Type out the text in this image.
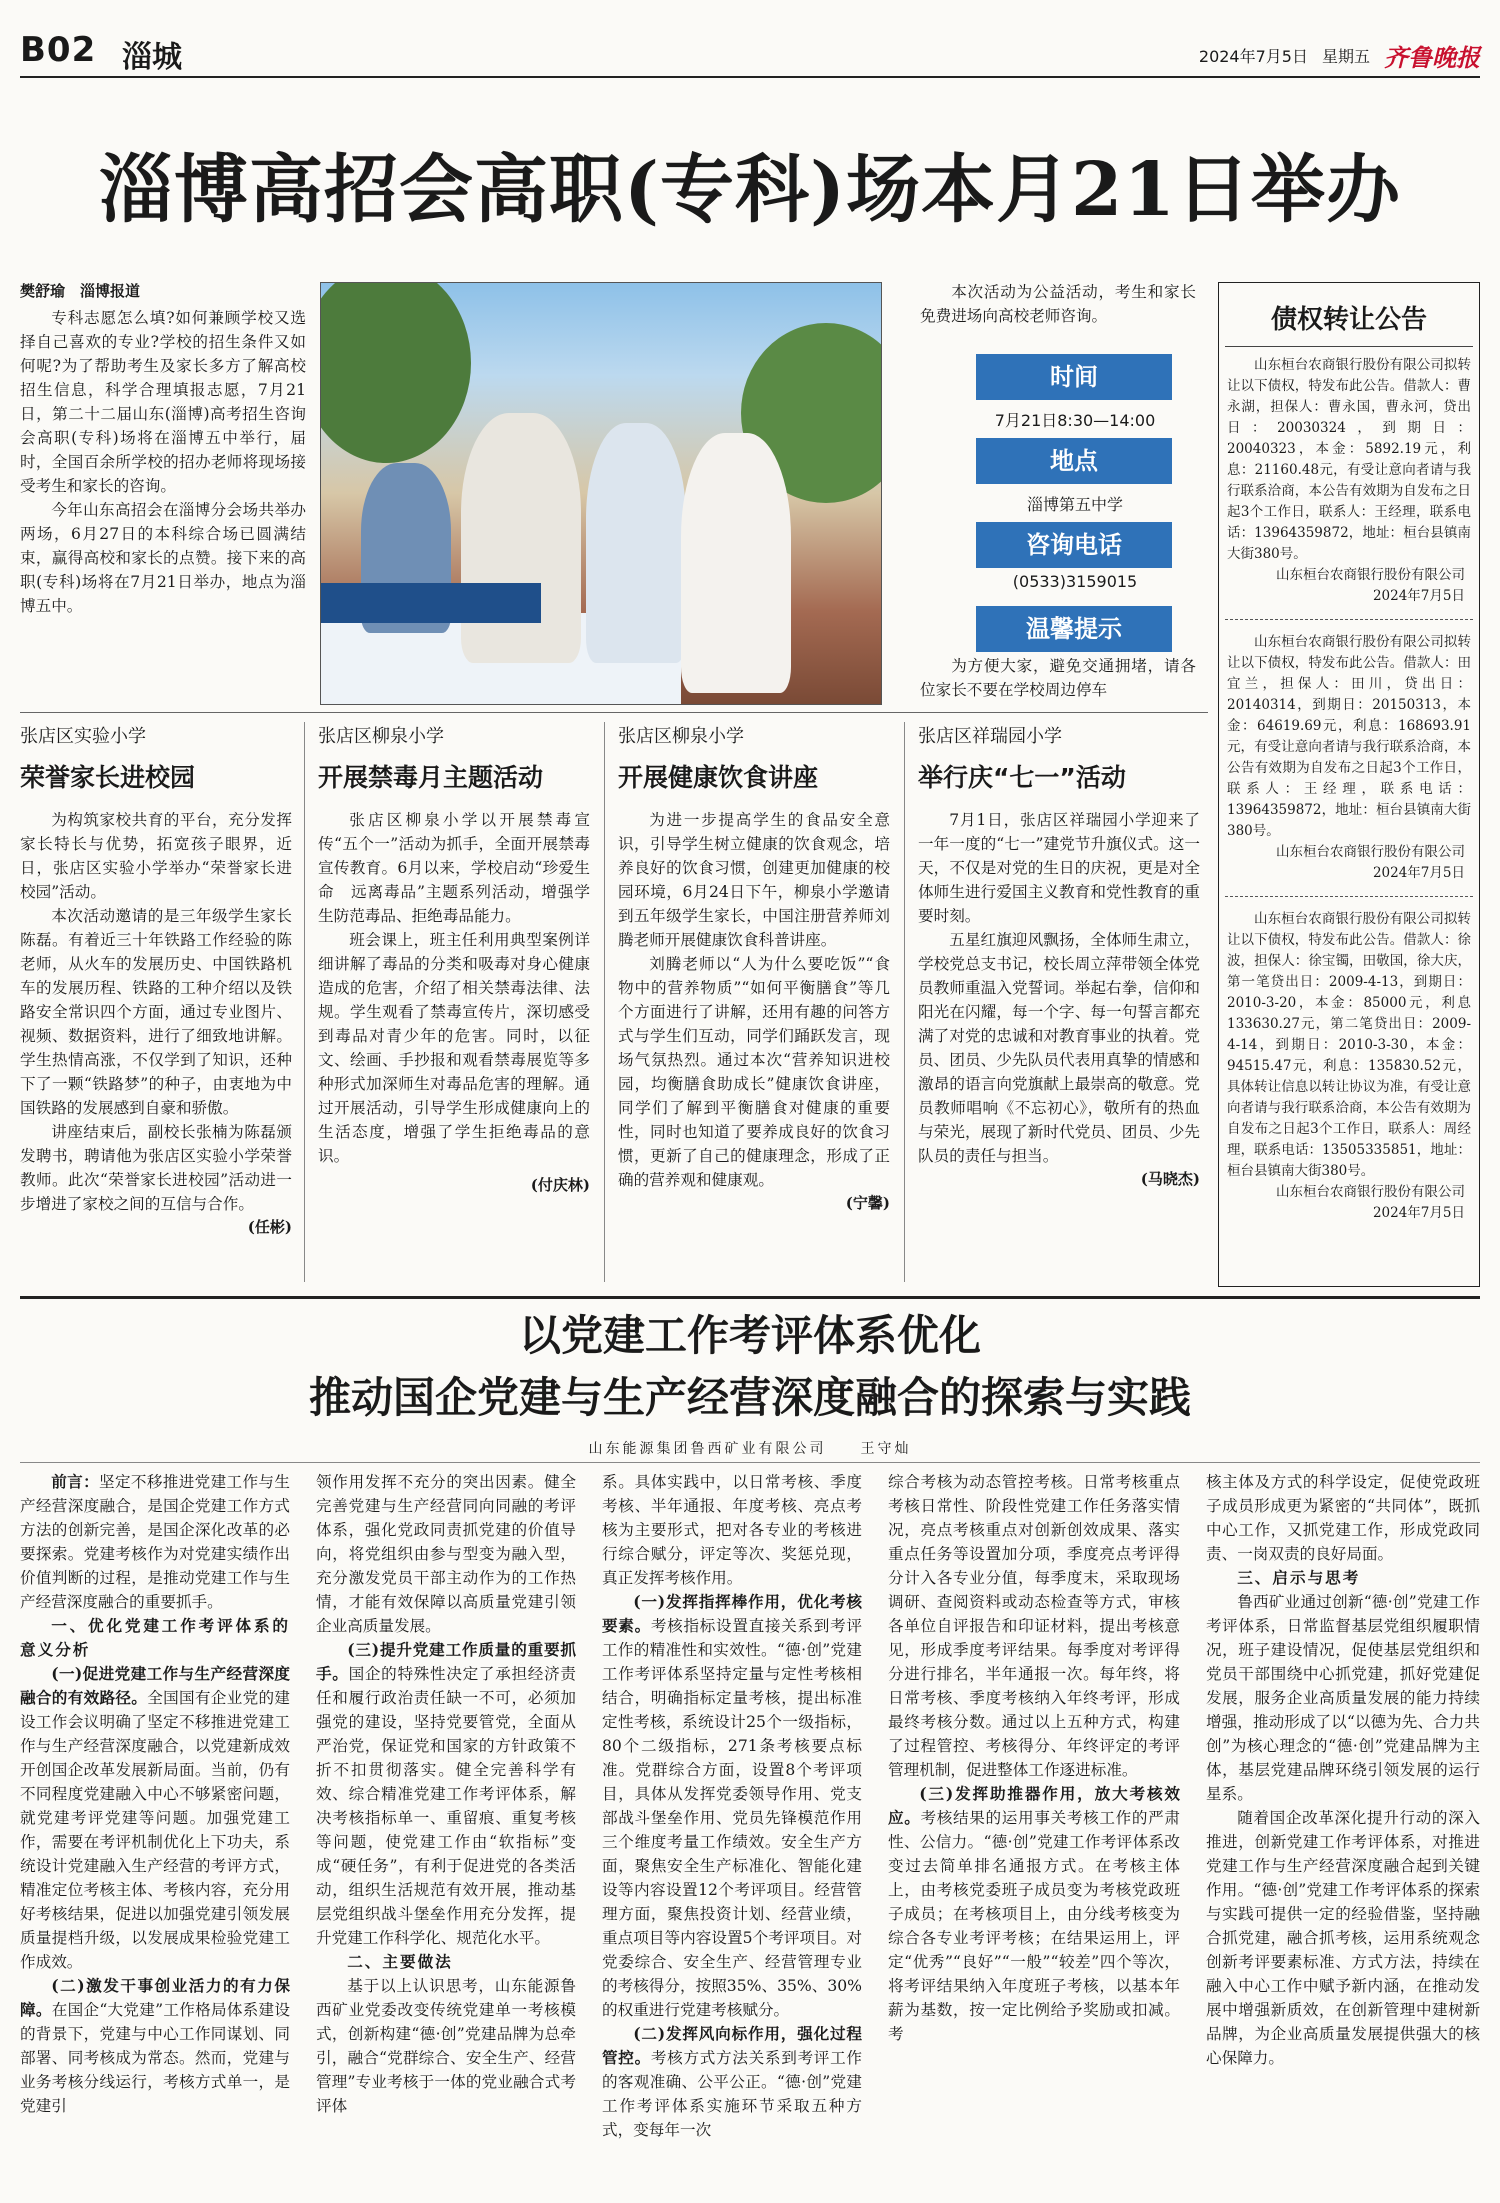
B02 淄城	2024年7月5日 星期五 齐鲁晚报
淄博高招会高职(专科)场本月21日举办
樊舒瑜　淄博报道

专科志愿怎么填?如何兼顾学校又选择自己喜欢的专业?学校的招生条件又如何呢?为了帮助考生及家长多方了解高校招生信息，科学合理填报志愿，7月21日，第二十二届山东(淄博)高考招生咨询会高职(专科)场将在淄博五中举行，届时，全国百余所学校的招办老师将现场接受考生和家长的咨询。

今年山东高招会在淄博分会场共举办两场，6月27日的本科综合场已圆满结束，赢得高校和家长的点赞。接下来的高职(专科)场将在7月21日举办，地点为淄博五中。

本次活动为公益活动，考生和家长免费进场向高校老师咨询。

时间
7月21日8:30—14:00
地点
淄博第五中学
咨询电话
(0533)3159015
温馨提示

为方便大家，避免交通拥堵，请各位家长不要在学校周边停车

债权转让公告
山东桓台农商银行股份有限公司拟转让以下债权，特发布此公告。借款人：曹永湖，担保人：曹永国，曹永河，贷出日：20030324，到期日：20040323，本金：5892.19元，利息：21160.48元，有受让意向者请与我行联系洽商，本公告有效期为自发布之日起3个工作日，联系人：王经理，联系电话：13964359872，地址：桓台县镇南大街380号。
山东桓台农商银行股份有限公司
2024年7月5日
山东桓台农商银行股份有限公司拟转让以下债权，特发布此公告。借款人：田宜兰，担保人：田川，贷出日：20140314，到期日：20150313，本金：64619.69元，利息：168693.91元，有受让意向者请与我行联系洽商，本公告有效期为自发布之日起3个工作日，联系人：王经理，联系电话：13964359872，地址：桓台县镇南大街380号。
山东桓台农商银行股份有限公司
2024年7月5日
山东桓台农商银行股份有限公司拟转让以下债权，特发布此公告。借款人：徐波，担保人：徐宝镯，田敬国，徐大庆，第一笔贷出日：2009-4-13，到期日：2010-3-20，本金：85000元，利息133630.27元，第二笔贷出日：2009-4-14，到期日：2010-3-30，本金：94515.47元，利息：135830.52元，具体转让信息以转让协议为准，有受让意向者请与我行联系洽商，本公告有效期为自发布之日起3个工作日，联系人：周经理，联系电话：13505335851，地址：桓台县镇南大街380号。
山东桓台农商银行股份有限公司
2024年7月5日
张店区实验小学
荣誉家长进校园

为构筑家校共育的平台，充分发挥家长特长与优势，拓宽孩子眼界，近日，张店区实验小学举办“荣誉家长进校园”活动。

本次活动邀请的是三年级学生家长陈磊。有着近三十年铁路工作经验的陈老师，从火车的发展历史、中国铁路机车的发展历程、铁路的工种介绍以及铁路安全常识四个方面，通过专业图片、视频、数据资料，进行了细致地讲解。学生热情高涨，不仅学到了知识，还种下了一颗“铁路梦”的种子，由衷地为中国铁路的发展感到自豪和骄傲。

讲座结束后，副校长张楠为陈磊颁发聘书，聘请他为张店区实验小学荣誉教师。此次“荣誉家长进校园”活动进一步增进了家校之间的互信与合作。

(任彬)
张店区柳泉小学
开展禁毒月主题活动

张店区柳泉小学以开展禁毒宣传“五个一”活动为抓手，全面开展禁毒宣传教育。6月以来，学校启动“珍爱生命　远离毒品”主题系列活动，增强学生防范毒品、拒绝毒品能力。

班会课上，班主任利用典型案例详细讲解了毒品的分类和吸毒对身心健康造成的危害，介绍了相关禁毒法律、法规。学生观看了禁毒宣传片，深切感受到毒品对青少年的危害。同时，以征文、绘画、手抄报和观看禁毒展览等多种形式加深师生对毒品危害的理解。通过开展活动，引导学生形成健康向上的生活态度，增强了学生拒绝毒品的意识。

(付庆林)
张店区柳泉小学
开展健康饮食讲座

为进一步提高学生的食品安全意识，引导学生树立健康的饮食观念，培养良好的饮食习惯，创建更加健康的校园环境，6月24日下午，柳泉小学邀请到五年级学生家长，中国注册营养师刘腾老师开展健康饮食科普讲座。

刘腾老师以“人为什么要吃饭”“食物中的营养物质”“如何平衡膳食”等几个方面进行了讲解，还用有趣的问答方式与学生们互动，同学们踊跃发言，现场气氛热烈。通过本次“营养知识进校园，均衡膳食助成长”健康饮食讲座，同学们了解到平衡膳食对健康的重要性，同时也知道了要养成良好的饮食习惯，更新了自己的健康理念，形成了正确的营养观和健康观。

(宁馨)
张店区祥瑞园小学
举行庆“七一”活动

7月1日，张店区祥瑞园小学迎来了一年一度的“七一”建党节升旗仪式。这一天，不仅是对党的生日的庆祝，更是对全体师生进行爱国主义教育和党性教育的重要时刻。

五星红旗迎风飘扬，全体师生肃立，学校党总支书记，校长周立萍带领全体党员教师重温入党誓词。举起右拳，信仰和阳光在闪耀，每一个字、每一句誓言都充满了对党的忠诚和对教育事业的执着。党员、团员、少先队员代表用真挚的情感和激昂的语言向党旗献上最崇高的敬意。党员教师唱响《不忘初心》，敬所有的热血与荣光，展现了新时代党员、团员、少先队员的责任与担当。

(马晓杰)
以党建工作考评体系优化
推动国企党建与生产经营深度融合的探索与实践
山东能源集团鲁西矿业有限公司　　王守灿

前言：坚定不移推进党建工作与生产经营深度融合，是国企党建工作方式方法的创新完善，是国企深化改革的必要探索。党建考核作为对党建实绩作出价值判断的过程，是推动党建工作与生产经营深度融合的重要抓手。

一、优化党建工作考评体系的意义分析

(一)促进党建工作与生产经营深度融合的有效路径。全国国有企业党的建设工作会议明确了坚定不移推进党建工作与生产经营深度融合，以党建新成效开创国企改革发展新局面。当前，仍有不同程度党建融入中心不够紧密问题，就党建考评党建等问题。加强党建工作，需要在考评机制优化上下功夫，系统设计党建融入生产经营的考评方式，精准定位考核主体、考核内容，充分用好考核结果，促进以加强党建引领发展质量提档升级，以发展成果检验党建工作成效。

(二)激发干事创业活力的有力保障。在国企“大党建”工作格局体系建设的背景下，党建与中心工作同谋划、同部署、同考核成为常态。然而，党建与业务考核分线运行，考核方式单一，是党建引

领作用发挥不充分的突出因素。健全完善党建与生产经营同向同融的考评体系，强化党政同责抓党建的价值导向，将党组织由参与型变为融入型，充分激发党员干部主动作为的工作热情，才能有效保障以高质量党建引领企业高质量发展。

(三)提升党建工作质量的重要抓手。国企的特殊性决定了承担经济责任和履行政治责任缺一不可，必须加强党的建设，坚持党要管党，全面从严治党，保证党和国家的方针政策不折不扣贯彻落实。健全完善科学有效、综合精准党建工作考评体系，解决考核指标单一、重留痕、重复考核等问题，使党建工作由“软指标”变成“硬任务”，有利于促进党的各类活动，组织生活规范有效开展，推动基层党组织战斗堡垒作用充分发挥，提升党建工作科学化、规范化水平。

二、主要做法

基于以上认识思考，山东能源鲁西矿业党委改变传统党建单一考核模式，创新构建“德·创”党建品牌为总牵引，融合“党群综合、安全生产、经营管理”专业考核于一体的党业融合式考评体

系。具体实践中，以日常考核、季度考核、半年通报、年度考核、亮点考核为主要形式，把对各专业的考核进行综合赋分，评定等次、奖惩兑现，真正发挥考核作用。

(一)发挥指挥棒作用，优化考核要素。考核指标设置直接关系到考评工作的精准性和实效性。“德·创”党建工作考评体系坚持定量与定性考核相结合，明确指标定量考核，提出标准定性考核，系统设计25个一级指标，80个二级指标，271条考核要点标准。党群综合方面，设置8个考评项目，具体从发挥党委领导作用、党支部战斗堡垒作用、党员先锋模范作用三个维度考量工作绩效。安全生产方面，聚焦安全生产标准化、智能化建设等内容设置12个考评项目。经营管理方面，聚焦投资计划、经营业绩，重点项目等内容设置5个考评项目。对党委综合、安全生产、经营管理专业的考核得分，按照35%、35%、30%的权重进行党建考核赋分。

(二)发挥风向标作用，强化过程管控。考核方式方法关系到考评工作的客观准确、公平公正。“德·创”党建工作考评体系实施环节采取五种方式，变每年一次

综合考核为动态管控考核。日常考核重点考核日常性、阶段性党建工作任务落实情况，亮点考核重点对创新创效成果、落实重点任务等设置加分项，季度亮点考评得分计入各专业分值，每季度末，采取现场调研、查阅资料或动态检查等方式，审核各单位自评报告和印证材料，提出考核意见，形成季度考评结果。每季度对考评得分进行排名，半年通报一次。每年终，将日常考核、季度考核纳入年终考评，形成最终考核分数。通过以上五种方式，构建了过程管控、考核得分、年终评定的考评管理机制，促进整体工作逐进标准。

(三)发挥助推器作用，放大考核效应。考核结果的运用事关考核工作的严肃性、公信力。“德·创”党建工作考评体系改变过去简单排名通报方式。在考核主体上，由考核党委班子成员变为考核党政班子成员；在考核项目上，由分线考核变为综合各专业考评考核；在结果运用上，评定“优秀”“良好”“一般”“较差”四个等次，将考评结果纳入年度班子考核，以基本年薪为基数，按一定比例给予奖励或扣减。考

核主体及方式的科学设定，促使党政班子成员形成更为紧密的“共同体”，既抓中心工作，又抓党建工作，形成党政同责、一岗双责的良好局面。

三、启示与思考

鲁西矿业通过创新“德·创”党建工作考评体系，日常监督基层党组织履职情况，班子建设情况，促使基层党组织和党员干部围绕中心抓党建，抓好党建促发展，服务企业高质量发展的能力持续增强，推动形成了以“以德为先、合力共创”为核心理念的“德·创”党建品牌为主体，基层党建品牌环绕引领发展的运行星系。

随着国企改革深化提升行动的深入推进，创新党建工作考评体系，对推进党建工作与生产经营深度融合起到关键作用。“德·创”党建工作考评体系的探索与实践可提供一定的经验借鉴，坚持融合抓党建，融合抓考核，运用系统观念创新考评要素标准、方式方法，持续在融入中心工作中赋予新内涵，在推动发展中增强新质效，在创新管理中建树新品牌，为企业高质量发展提供强大的核心保障力。
